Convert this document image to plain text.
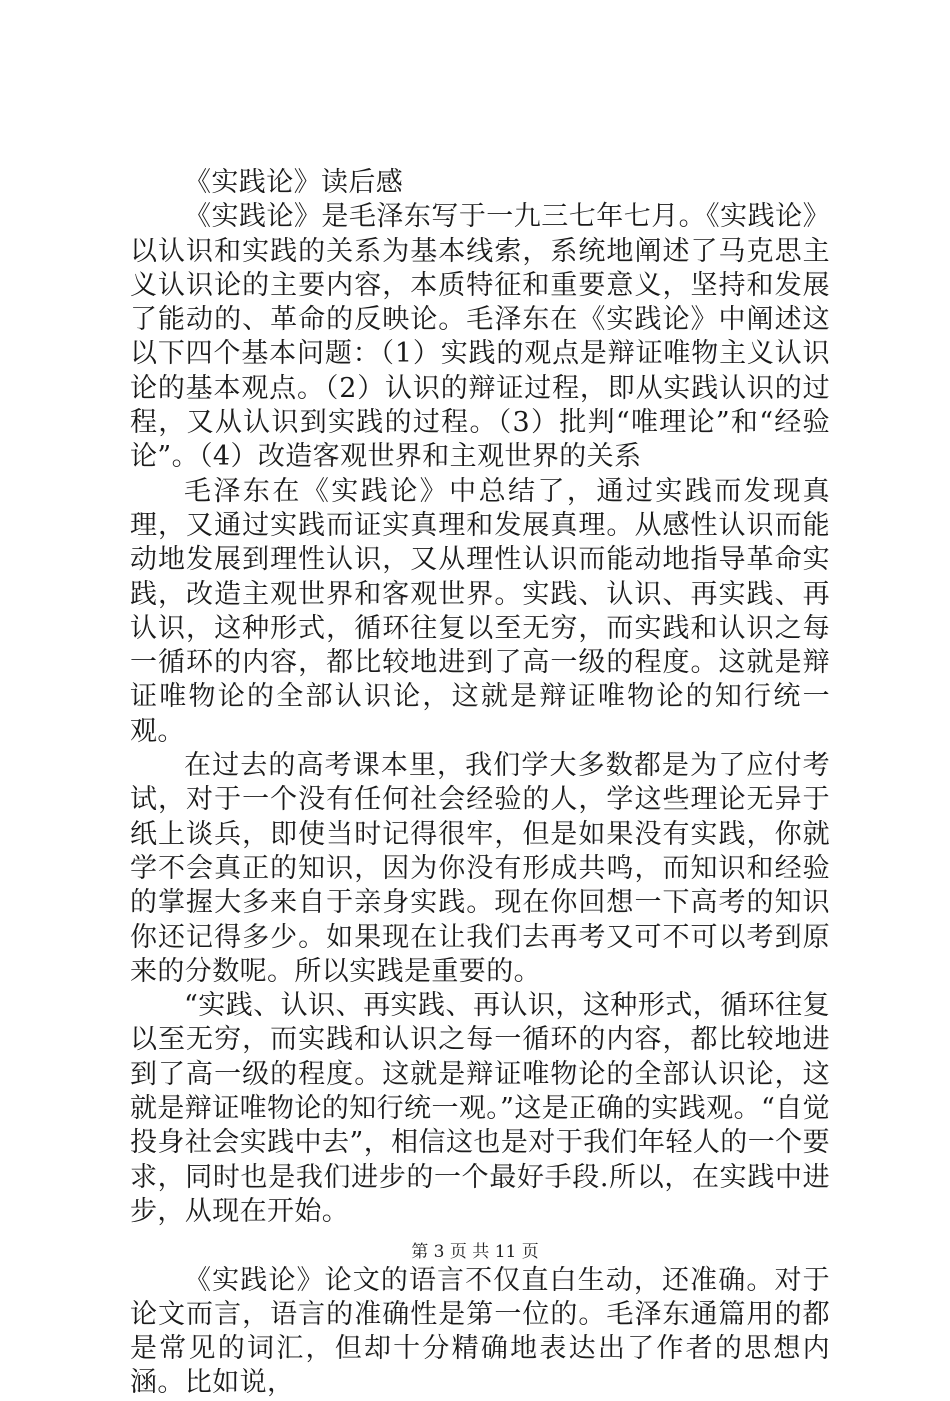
《实践论》读后感

《实践论》是毛泽东写于一九三七年七月。《实践论》以认识和实践的关系为基本线索，系统地阐述了马克思主义认识论的主要内容，本质特征和重要意义，坚持和发展了能动的、革命的反映论。毛泽东在《实践论》中阐述这以下四个基本问题：（1）实践的观点是辩证唯物主义认识论的基本观点。（2）认识的辩证过程，即从实践认识的过程，又从认识到实践的过程。（3）批判“唯理论”和“经验论”。（4）改造客观世界和主观世界的关系

毛泽东在《实践论》中总结了，通过实践而发现真理，又通过实践而证实真理和发展真理。从感性认识而能动地发展到理性认识，又从理性认识而能动地指导革命实践，改造主观世界和客观世界。实践、认识、再实践、再认识，这种形式，循环往复以至无穷，而实践和认识之每一循环的内容，都比较地进到了高一级的程度。这就是辩证唯物论的全部认识论，这就是辩证唯物论的知行统一观。

在过去的高考课本里，我们学大多数都是为了应付考试，对于一个没有任何社会经验的人，学这些理论无异于纸上谈兵，即使当时记得很牢，但是如果没有实践，你就学不会真正的知识，因为你没有形成共鸣，而知识和经验的掌握大多来自于亲身实践。现在你回想一下高考的知识你还记得多少。如果现在让我们去再考又可不可以考到原来的分数呢。所以实践是重要的。

“实践、认识、再实践、再认识，这种形式，循环往复以至无穷，而实践和认识之每一循环的内容，都比较地进到了高一级的程度。这就是辩证唯物论的全部认识论，这就是辩证唯物论的知行统一观。”这是正确的实践观。“自觉投身社会实践中去”，相信这也是对于我们年轻人的一个要求，同时也是我们进步的一个最好手段.所以，在实践中进步，从现在开始。

《实践论》论文的语言不仅直白生动，还准确。对于论文而言，语言的准确性是第一位的。毛泽东通篇用的都是常见的词汇，但却十分精确地表达出了作者的思想内涵。比如说，

第 3 页 共 11 页
